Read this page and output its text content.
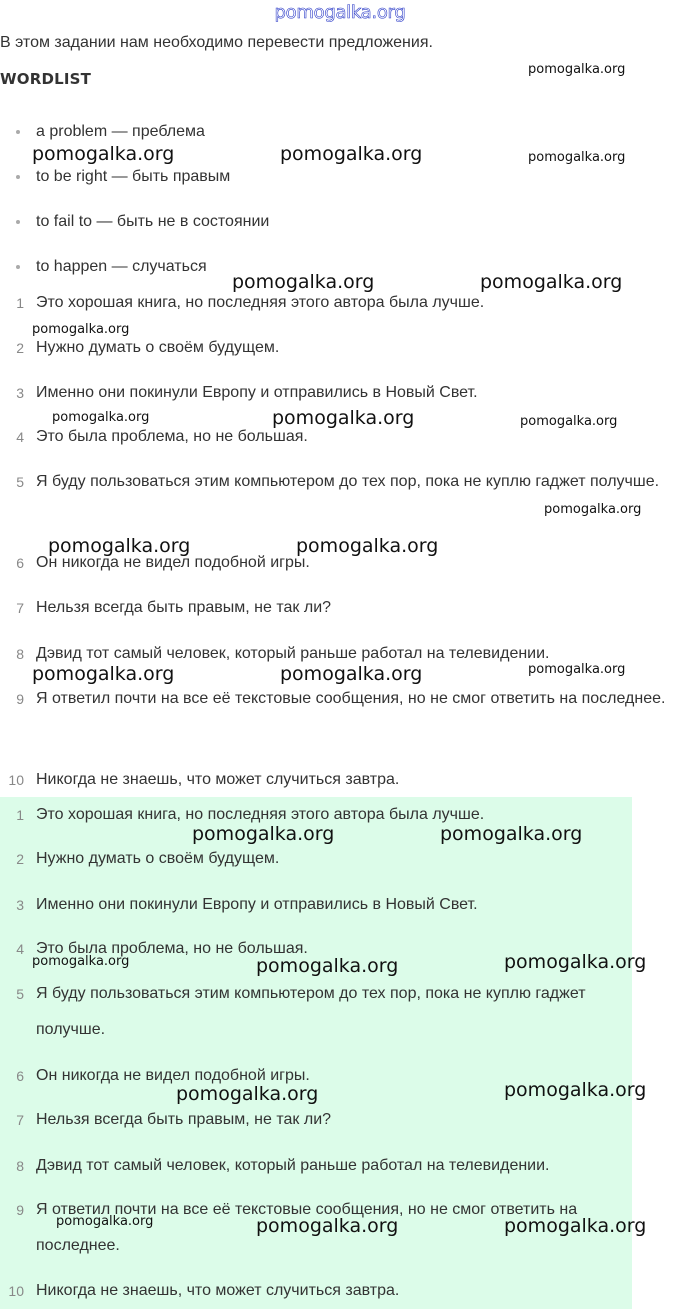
pomogalka.org
В этом задании нам необходимо перевести предложения.
WORDLIST
a problem — преблема
to be right — быть правым
to fail to — быть не в состоянии
to happen — случаться
1 Это хорошая книга, но последняя этого автора была лучше.
2 Нужно думать о своём будущем.
3 Именно они покинули Европу и отправились в Новый Свет.
4 Это была проблема, но не большая.
5 Я буду пользоваться этим компьютером до тех пор, пока не куплю гаджет получше.
6 Он никогда не видел подобной игры.
7 Нельзя всегда быть правым, не так ли?
8 Дэвид тот самый человек, который раньше работал на телевидении.
9 Я ответил почти на все её текстовые сообщения, но не смог ответить на последнее.
10 Никогда не знаешь, что может случиться завтра.
1 Это хорошая книга, но последняя этого автора была лучше.
2 Нужно думать о своём будущем.
3 Именно они покинули Европу и отправились в Новый Свет.
4 Это была проблема, но не большая.
5 Я буду пользоваться этим компьютером до тех пор, пока не куплю гаджет получше.
6 Он никогда не видел подобной игры.
7 Нельзя всегда быть правым, не так ли?
8 Дэвид тот самый человек, который раньше работал на телевидении.
9 Я ответил почти на все её текстовые сообщения, но не смог ответить на последнее.
10 Никогда не знаешь, что может случиться завтра.
pomogalka.org
pomogalka.org	pomogalka.org	pomogalka.org
pomogalka.org	pomogalka.org
pomogalka.org
pomogalka.org	pomogalka.org	pomogalka.org
pomogalka.org
pomogalka.org	pomogalka.org
pomogalka.org	pomogalka.org	pomogalka.org
pomogalka.org	pomogalka.org
pomogalka.org	pomogalka.org	pomogalka.org
pomogalka.org	pomogalka.org
pomogalka.org	pomogalka.org	pomogalka.org
